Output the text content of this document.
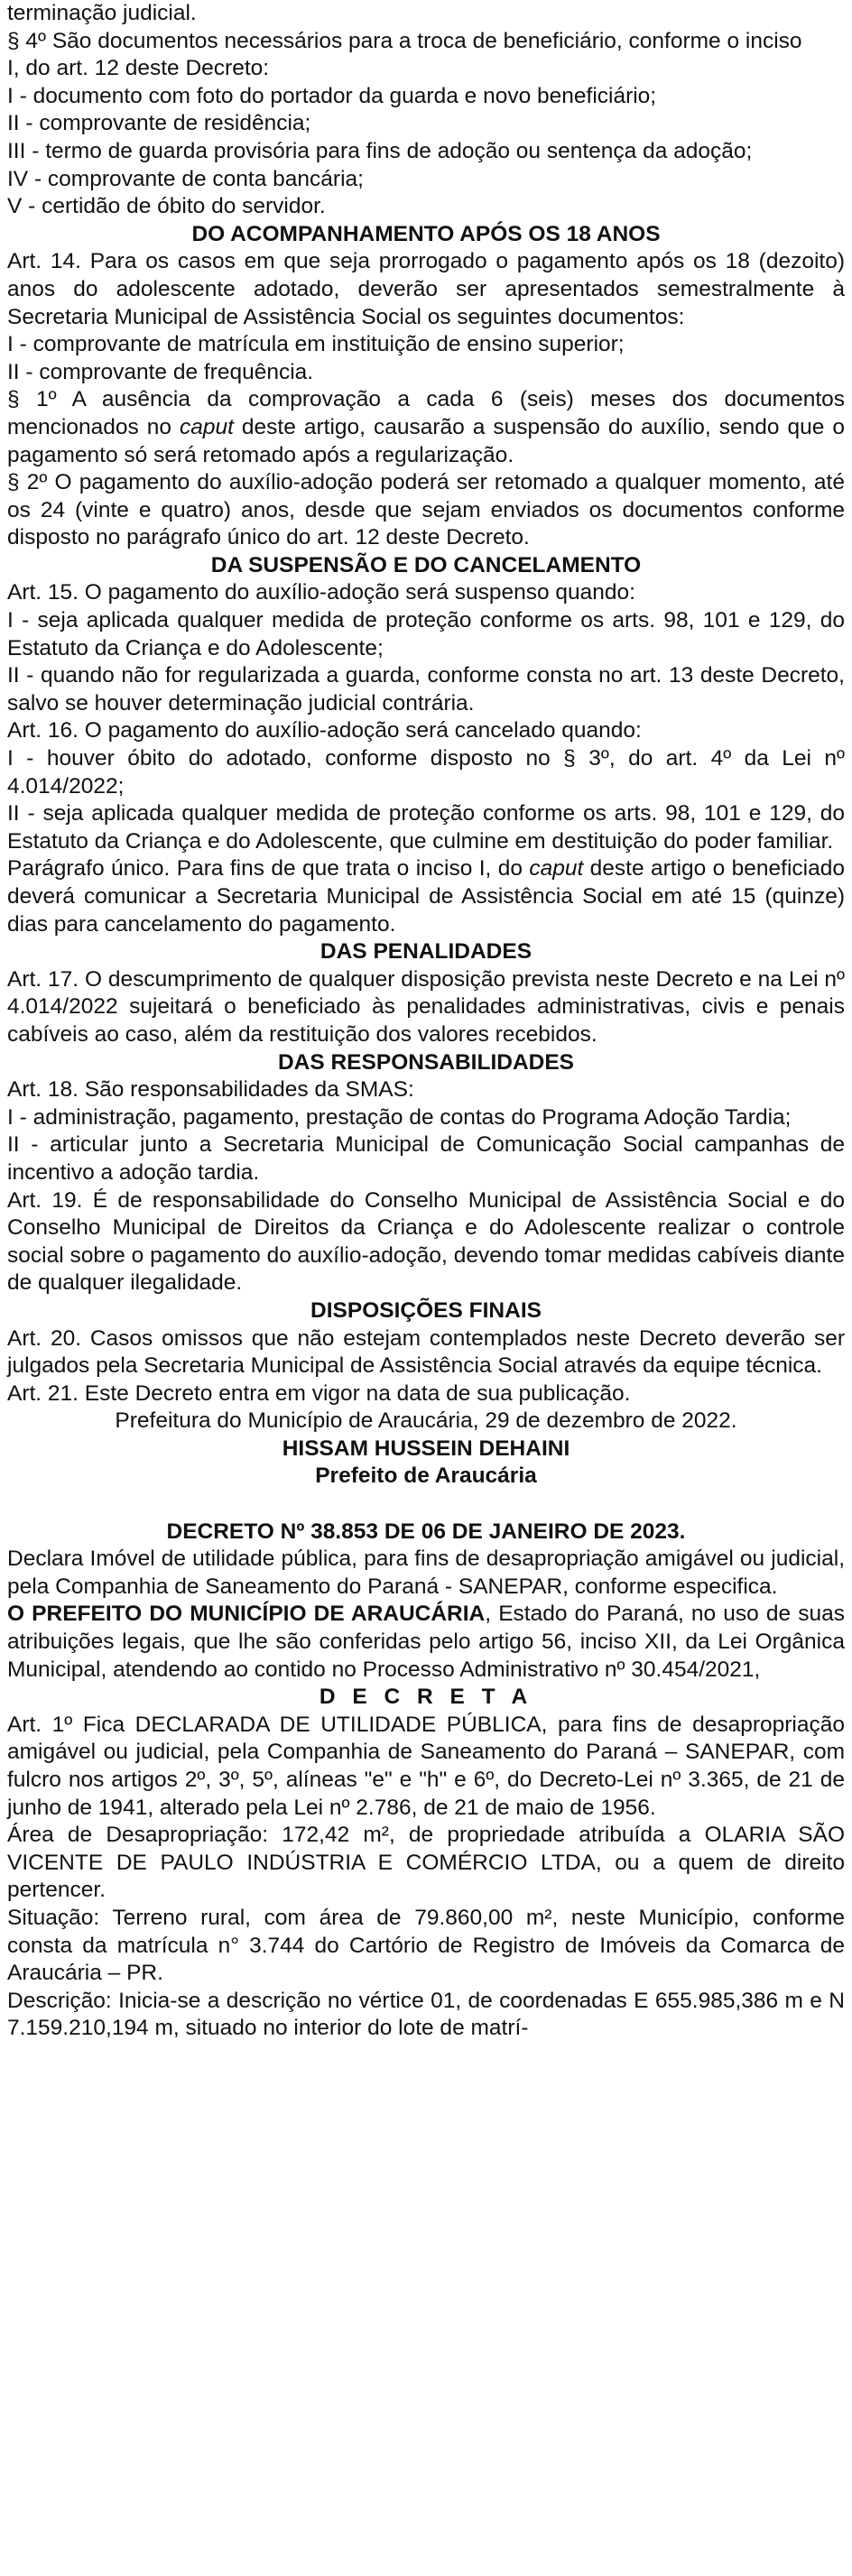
terminação judicial.

§ 4º São documentos necessários para a troca de beneficiário, conforme o inciso

I, do art. 12 deste Decreto:

I - documento com foto do portador da guarda e novo beneficiário;

II - comprovante de residência;

III - termo de guarda provisória para fins de adoção ou sentença da adoção;

IV - comprovante de conta bancária;

V - certidão de óbito do servidor.

DO ACOMPANHAMENTO APÓS OS 18 ANOS

Art. 14. Para os casos em que seja prorrogado o pagamento após os 18 (dezoito) anos do adolescente adotado, deverão ser apresentados semestralmente à Secretaria Municipal de Assistência Social os seguintes documentos:

I - comprovante de matrícula em instituição de ensino superior;

II - comprovante de frequência.

§ 1º A ausência da comprovação a cada 6 (seis) meses dos documentos mencionados no caput deste artigo, causarão a suspensão do auxílio, sendo que o pagamento só será retomado após a regularização.

§ 2º O pagamento do auxílio-adoção poderá ser retomado a qualquer momento, até os 24 (vinte e quatro) anos, desde que sejam enviados os documentos conforme disposto no parágrafo único do art. 12 deste Decreto.

DA SUSPENSÃO E DO CANCELAMENTO

Art. 15. O pagamento do auxílio-adoção será suspenso quando:

I - seja aplicada qualquer medida de proteção conforme os arts. 98, 101 e 129, do Estatuto da Criança e do Adolescente;

II - quando não for regularizada a guarda, conforme consta no art. 13 deste Decreto, salvo se houver determinação judicial contrária.

Art. 16. O pagamento do auxílio-adoção será cancelado quando:

I - houver óbito do adotado, conforme disposto no § 3º, do art. 4º da Lei nº 4.014/2022;

II - seja aplicada qualquer medida de proteção conforme os arts. 98, 101 e 129, do Estatuto da Criança e do Adolescente, que culmine em destituição do poder familiar.

Parágrafo único. Para fins de que trata o inciso I, do caput deste artigo o beneficiado deverá comunicar a Secretaria Municipal de Assistência Social em até 15 (quinze) dias para cancelamento do pagamento.

DAS PENALIDADES

Art. 17. O descumprimento de qualquer disposição prevista neste Decreto e na Lei nº 4.014/2022 sujeitará o beneficiado às penalidades administrativas, civis e penais cabíveis ao caso, além da restituição dos valores recebidos.

DAS RESPONSABILIDADES

Art. 18. São responsabilidades da SMAS:

I - administração, pagamento, prestação de contas do Programa Adoção Tardia;

II - articular junto a Secretaria Municipal de Comunicação Social campanhas de incentivo a adoção tardia.

Art. 19. É de responsabilidade do Conselho Municipal de Assistência Social e do Conselho Municipal de Direitos da Criança e do Adolescente realizar o controle social sobre o pagamento do auxílio-adoção, devendo tomar medidas cabíveis diante de qualquer ilegalidade.

DISPOSIÇÕES FINAIS

Art. 20. Casos omissos que não estejam contemplados neste Decreto deverão ser julgados pela Secretaria Municipal de Assistência Social através da equipe técnica.

Art. 21. Este Decreto entra em vigor na data de sua publicação.

Prefeitura do Município de Araucária, 29 de dezembro de 2022.

HISSAM HUSSEIN DEHAINI

Prefeito de Araucária

DECRETO Nº 38.853 DE 06 DE JANEIRO DE 2023.

Declara Imóvel de utilidade pública, para fins de desapropriação amigável ou judicial, pela Companhia de Saneamento do Paraná - SANEPAR, conforme especifica.

O PREFEITO DO MUNICÍPIO DE ARAUCÁRIA, Estado do Paraná, no uso de suas atribuições legais, que lhe são conferidas pelo artigo 56, inciso XII, da Lei Orgânica Municipal, atendendo ao contido no Processo Administrativo nº 30.454/2021,

D E C R E T A

Art. 1º Fica DECLARADA DE UTILIDADE PÚBLICA, para fins de desapropriação amigável ou judicial, pela Companhia de Saneamento do Paraná – SANEPAR, com fulcro nos artigos 2º, 3º, 5º, alíneas "e" e "h" e 6º, do Decreto-Lei nº 3.365, de 21 de junho de 1941, alterado pela Lei nº 2.786, de 21 de maio de 1956.

Área de Desapropriação: 172,42 m², de propriedade atribuída a OLARIA SÃO VICENTE DE PAULO INDÚSTRIA E COMÉRCIO LTDA, ou a quem de direito pertencer.

Situação: Terreno rural, com área de 79.860,00 m², neste Município, conforme consta da matrícula n° 3.744 do Cartório de Registro de Imóveis da Comarca de Araucária – PR.

Descrição: Inicia-se a descrição no vértice 01, de coordenadas E 655.985,386 m e N 7.159.210,194 m, situado no interior do lote de matrí-
